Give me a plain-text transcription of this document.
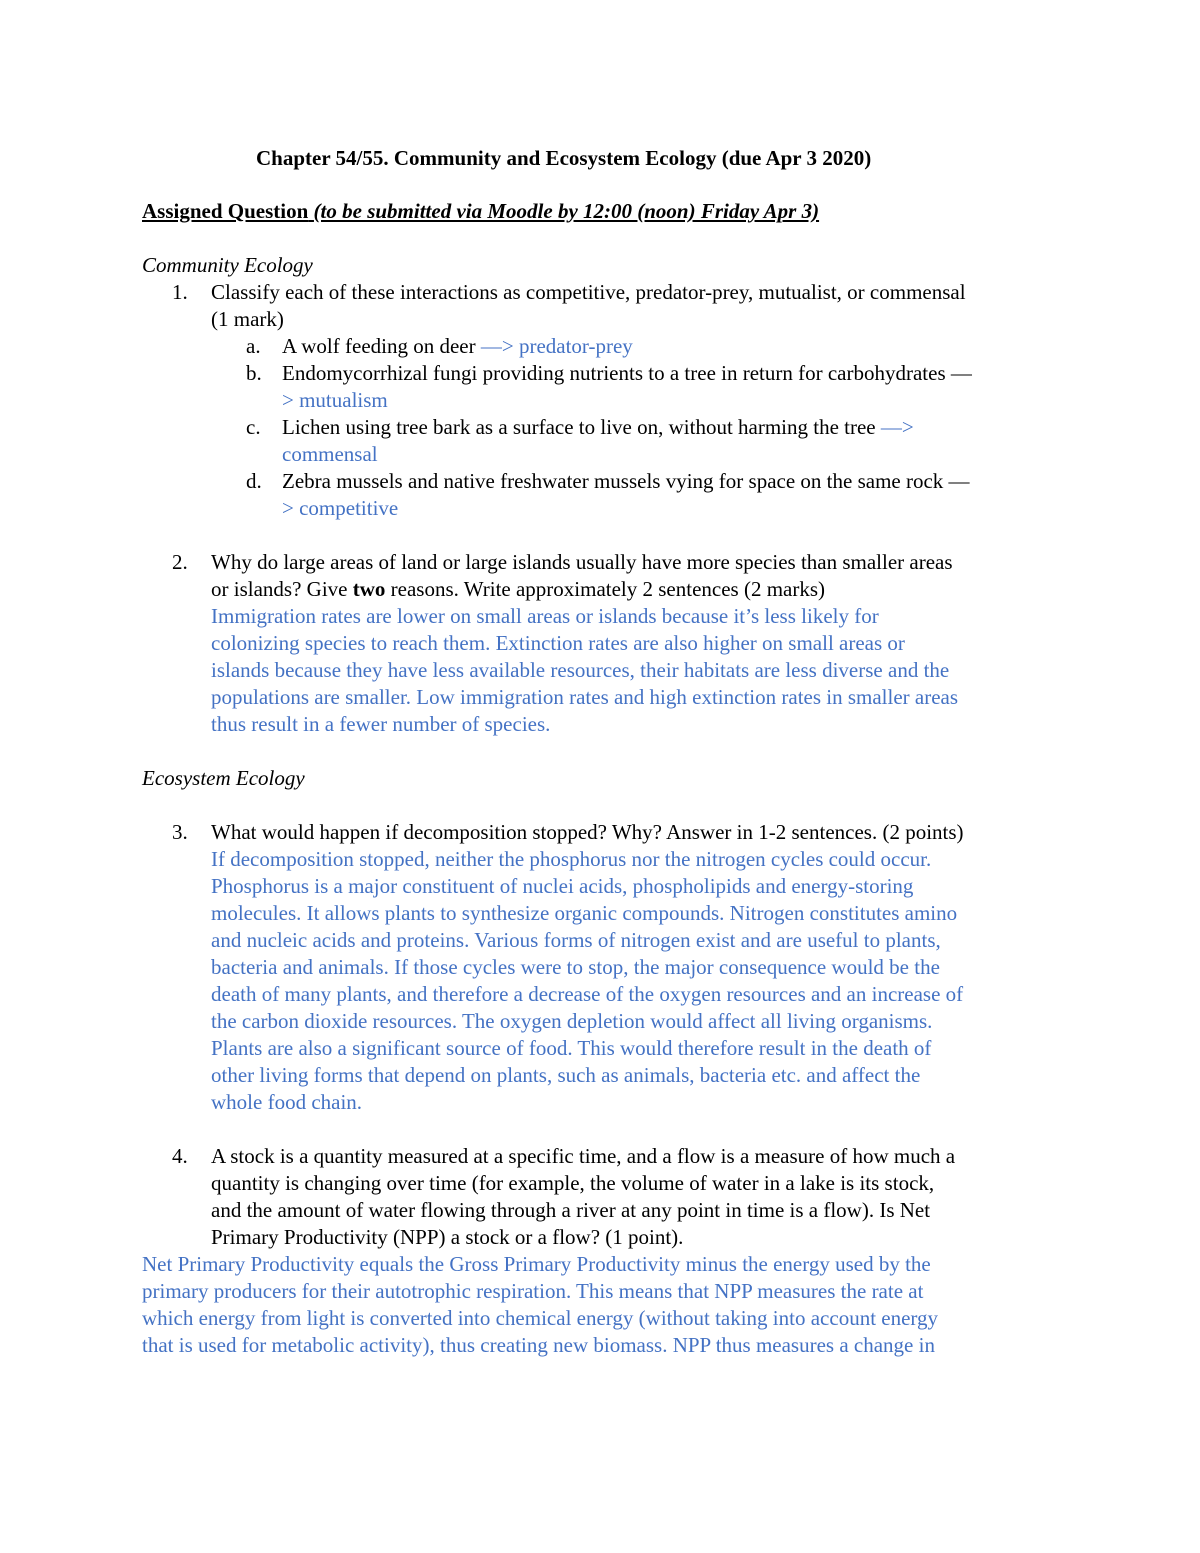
Chapter 54/55. Community and Ecosystem Ecology (due Apr 3 2020)
Assigned Question (to be submitted via Moodle by 12:00 (noon) Friday Apr 3)
Community Ecology
1. Classify each of these interactions as competitive, predator-prey, mutualist, or commensal
(1 mark)
a. A wolf feeding on deer —> predator-prey
b. Endomycorrhizal fungi providing nutrients to a tree in return for carbohydrates —
> mutualism
c. Lichen using tree bark as a surface to live on, without harming the tree —>
commensal
d. Zebra mussels and native freshwater mussels vying for space on the same rock —
> competitive
2. Why do large areas of land or large islands usually have more species than smaller areas
or islands? Give two reasons. Write approximately 2 sentences (2 marks)
Immigration rates are lower on small areas or islands because it’s less likely for
colonizing species to reach them. Extinction rates are also higher on small areas or
islands because they have less available resources, their habitats are less diverse and the
populations are smaller. Low immigration rates and high extinction rates in smaller areas
thus result in a fewer number of species.
Ecosystem Ecology
3. What would happen if decomposition stopped? Why? Answer in 1-2 sentences. (2 points)
If decomposition stopped, neither the phosphorus nor the nitrogen cycles could occur.
Phosphorus is a major constituent of nuclei acids, phospholipids and energy-storing
molecules. It allows plants to synthesize organic compounds. Nitrogen constitutes amino
and nucleic acids and proteins. Various forms of nitrogen exist and are useful to plants,
bacteria and animals. If those cycles were to stop, the major consequence would be the
death of many plants, and therefore a decrease of the oxygen resources and an increase of
the carbon dioxide resources. The oxygen depletion would affect all living organisms.
Plants are also a significant source of food. This would therefore result in the death of
other living forms that depend on plants, such as animals, bacteria etc. and affect the
whole food chain.
4. A stock is a quantity measured at a specific time, and a flow is a measure of how much a
quantity is changing over time (for example, the volume of water in a lake is its stock,
and the amount of water flowing through a river at any point in time is a flow). Is Net
Primary Productivity (NPP) a stock or a flow? (1 point).
Net Primary Productivity equals the Gross Primary Productivity minus the energy used by the
primary producers for their autotrophic respiration. This means that NPP measures the rate at
which energy from light is converted into chemical energy (without taking into account energy
that is used for metabolic activity), thus creating new biomass. NPP thus measures a change in
